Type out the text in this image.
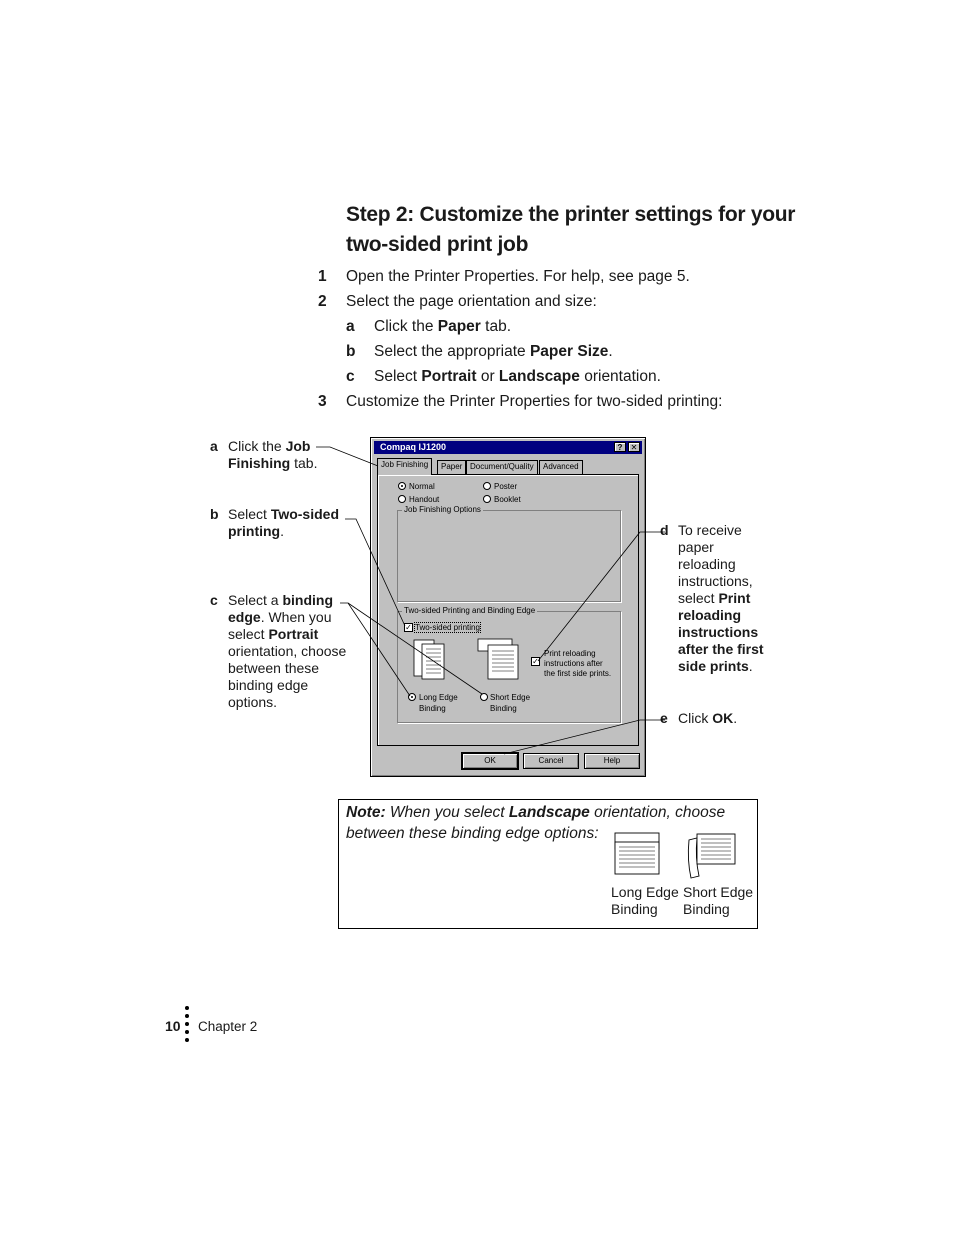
Step 2: Customize the printer settings for your two-sided print job
1 Open the Printer Properties. For help, see page 5.
2 Select the page orientation and size:
a Click the Paper tab.
b Select the appropriate Paper Size.
c Select Portrait or Landscape orientation.
3 Customize the Printer Properties for two-sided printing:
a Click the Job Finishing tab.
b Select Two-sided printing.
c Select a binding edge. When you select Portrait orientation, choose between these binding edge options.
d To receive paper reloading instructions, select Print reloading instructions after the first side prints.
e Click OK.
Compaq IJ1200	?	✕
Job Finishing	Paper Document/Quality	Advanced
Normal	Poster
Handout	Booklet
Job Finishing Options
Two-sided Printing and Binding Edge
✓ Two-sided printing
✓
Print reloading
instructions after
the first side prints.
Long Edge
Binding
Short Edge
Binding
OK	Cancel	Help
Note: When you select Landscape orientation, choose between these binding edge options:
Long Edge
Binding
Short Edge
Binding
10 Chapter 2
